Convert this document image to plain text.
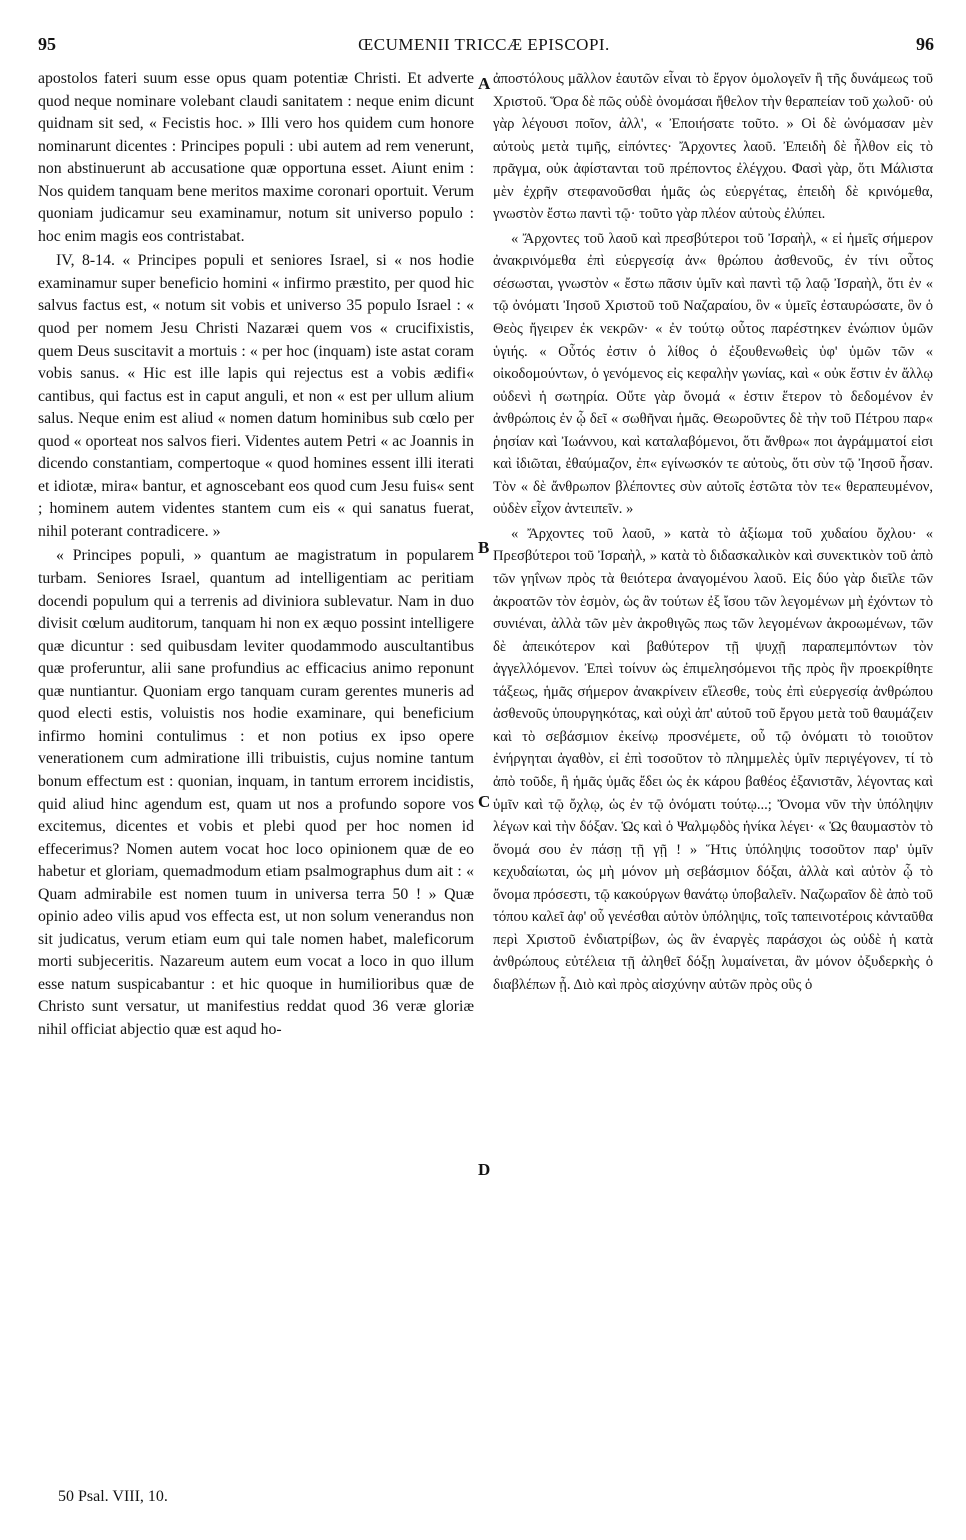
95	ŒCUMENII TRICCÆ EPISCOPI.	96

apostolos fateri suum esse opus quam potentiæ Christi. Et adverte quod neque nominare volebant claudi sanitatem : neque enim dicunt quidnam sit sed, « Fecistis hoc. » Illi vero hos quidem cum honore nominarunt dicentes : Principes populi : ubi autem ad rem venerunt, non abstinuerunt ab accusatione quæ opportuna esset. Aiunt enim : Nos quidem tanquam bene meritos maxime coronari oportuit. Verum quoniam judicamur seu examinamur, notum sit universo populo : hoc enim magis eos contristabat.

IV, 8-14. « Principes populi et seniores Israel, si « nos hodie examinamur super beneficio homini « infirmo præstito, per quod hic salvus factus est, « notum sit vobis et universo 35 populo Israel : « quod per nomem Jesu Christi Nazaræi quem vos « crucifixistis, quem Deus suscitavit a mortuis : « per hoc (inquam) iste astat coram vobis sanus. « Hic est ille lapis qui rejectus est a vobis ædifi« cantibus, qui factus est in caput anguli, et non « est per ullum alium salus. Neque enim est aliud « nomen datum hominibus sub cœlo per quod « oporteat nos salvos fieri. Videntes autem Petri « ac Joannis in dicendo constantiam, compertoque « quod homines essent illi iterati et idiotæ, mira« bantur, et agnoscebant eos quod cum Jesu fuis« sent ; hominem autem videntes stantem cum eis « qui sanatus fuerat, nihil poterant contradicere. »

« Principes populi, » quantum ae magistratum in popularem turbam. Seniores Israel, quantum ad intelligentiam ac peritiam docendi populum qui a terrenis ad diviniora sublevatur. Nam in duo divisit cœlum auditorum, tanquam hi non ex æquo possint intelligere quæ dicuntur : sed quibusdam leviter quodammodo auscultantibus quæ proferuntur, alii sane profundius ac efficacius animo reponunt quæ nuntiantur. Quoniam ergo tanquam curam gerentes muneris ad quod electi estis, voluistis nos hodie examinare, qui beneficium infirmo homini contulimus : et non potius ex ipso opere venerationem cum admiratione illi tribuistis, cujus nomine tantum bonum effectum est : quonian, inquam, in tantum errorem incidistis, quid aliud hinc agendum est, quam ut nos a profundo sopore vos excitemus, dicentes et vobis et plebi quod per hoc nomen id effecerimus? Nomen autem vocat hoc loco opinionem quæ de eo habetur et gloriam, quemadmodum etiam psalmographus dum ait : « Quam admirabile est nomen tuum in universa terra 50 ! » Quæ opinio adeo vilis apud vos effecta est, ut non solum venerandus non sit judicatus, verum etiam eum qui tale nomen habet, maleficorum morti subjeceritis. Nazareum autem eum vocat a loco in quo illum esse natum suspicabantur : et hic quoque in humilioribus quæ de Christo sunt versatur, ut manifestius reddat quod 36 veræ gloriæ nihil officiat abjectio quæ est aqud ho-

A
B
C
D

ἀποστόλους μᾶλλον ἑαυτῶν εἶναι τὸ ἔργον ὁμολογεῖν ἢ τῆς δυνάμεως τοῦ Χριστοῦ. Ὅρα δὲ πῶς οὐδὲ ὀνομάσαι ἤθελον τὴν θεραπείαν τοῦ χωλοῦ· οὐ γὰρ λέγουσι ποῖον, ἀλλ', « Ἐποιήσατε τοῦτο. » Οἱ δὲ ὠνόμασαν μὲν αὐτοὺς μετὰ τιμῆς, εἰπόντες· Ἄρχοντες λαοῦ. Ἐπειδὴ δὲ ἦλθον εἰς τὸ πρᾶγμα, οὐκ ἀφίστανται τοῦ πρέποντος ἐλέγχου. Φασὶ γὰρ, ὅτι Μάλιστα μὲν ἐχρῆν στεφανοῦσθαι ἡμᾶς ὡς εὐεργέτας, ἐπειδὴ δὲ κρινόμεθα, γνωστὸν ἔστω παντὶ τῷ· τοῦτο γὰρ πλέον αὐτοὺς ἐλύπει.

« Ἄρχοντες τοῦ λαοῦ καὶ πρεσβύτεροι τοῦ Ἰσραὴλ, « εἰ ἡμεῖς σήμερον ἀνακρινόμεθα ἐπὶ εὐεργεσίᾳ ἀν« θρώπου ἀσθενοῦς, ἐν τίνι οὗτος σέσωσται, γνωστὸν « ἔστω πᾶσιν ὑμῖν καὶ παντὶ τῷ λαῷ Ἰσραὴλ, ὅτι ἐν « τῷ ὀνόματι Ἰησοῦ Χριστοῦ τοῦ Ναζαραίου, ὃν « ὑμεῖς ἐσταυρώσατε, ὃν ὁ Θεὸς ἤγειρεν ἐκ νεκρῶν· « ἐν τούτῳ οὗτος παρέστηκεν ἐνώπιον ὑμῶν ὑγιής. « Οὗτός ἐστιν ὁ λίθος ὁ ἐξουθενωθεὶς ὑφ' ὑμῶν τῶν « οἰκοδομούντων, ὁ γενόμενος εἰς κεφαλὴν γωνίας, καὶ « οὐκ ἔστιν ἐν ἄλλῳ οὐδενὶ ἡ σωτηρία. Οὔτε γὰρ ὄνομά « ἐστιν ἕτερον τὸ δεδομένον ἐν ἀνθρώποις ἐν ᾧ δεῖ « σωθῆναι ἡμᾶς. Θεωροῦντες δὲ τὴν τοῦ Πέτρου παρ« ῥησίαν καὶ Ἰωάννου, καὶ καταλαβόμενοι, ὅτι ἄνθρω« ποι ἀγράμματοί εἰσι καὶ ἰδιῶται, ἐθαύμαζον, ἐπ« εγίνωσκόν τε αὐτοὺς, ὅτι σὺν τῷ Ἰησοῦ ἦσαν. Τὸν « δὲ ἄνθρωπον βλέποντες σὺν αὐτοῖς ἑστῶτα τὸν τε« θεραπευμένον, οὐδὲν εἶχον ἀντειπεῖν. »

« Ἄρχοντες τοῦ λαοῦ, » κατὰ τὸ ἀξίωμα τοῦ χυδαίου ὄχλου· « Πρεσβύτεροι τοῦ Ἰσραὴλ, » κατὰ τὸ διδασκαλικὸν καὶ συνεκτικὸν τοῦ ἀπὸ τῶν γηΐνων πρὸς τὰ θειότερα ἀναγομένου λαοῦ. Εἰς δύο γὰρ διεῖλε τῶν ἀκροατῶν τὸν ἑσμὸν, ὡς ἂν τούτων ἐξ ἴσου τῶν λεγομένων μὴ ἐχόντων τὸ συνιέναι, ἀλλὰ τῶν μὲν ἀκροθιγῶς πως τῶν λεγομένων ἀκροωμένων, τῶν δὲ ἀπεικότερον καὶ βαθύτερον τῇ ψυχῇ παραπεμπόντων τὸν ἀγγελλόμενον. Ἐπεὶ τοίνυν ὡς ἐπιμελησόμενοι τῆς πρὸς ἣν προεκρίθητε τάξεως, ἡμᾶς σήμερον ἀνακρίνειν εἵλεσθε, τοὺς ἐπὶ εὐεργεσίᾳ ἀνθρώπου ἀσθενοῦς ὑπουργηκότας, καὶ οὐχὶ ἀπ' αὐτοῦ τοῦ ἔργου μετὰ τοῦ θαυμάζειν καὶ τὸ σεβάσμιον ἐκείνῳ προσνέμετε, οὗ τῷ ὀνόματι τὸ τοιοῦτον ἐνήργηται ἀγαθὸν, εἰ ἐπὶ τοσοῦτον τὸ πλημμελὲς ὑμῖν περιγέγονεν, τί τὸ ἀπὸ τοῦδε, ἢ ἡμᾶς ὑμᾶς ἔδει ὡς ἐκ κάρου βαθέος ἐξανιστᾶν, λέγοντας καὶ ὑμῖν καὶ τῷ ὄχλῳ, ὡς ἐν τῷ ὀνόματι τούτῳ...; Ὄνομα νῦν τὴν ὑπόληψιν λέγων καὶ τὴν δόξαν. Ὡς καὶ ὁ Ψαλμῳδὸς ἡνίκα λέγει· « Ὡς θαυμαστὸν τὸ ὄνομά σου ἐν πάσῃ τῇ γῇ ! » Ἥτις ὑπόληψις τοσοῦτον παρ' ὑμῖν κεχυδαίωται, ὡς μὴ μόνον μὴ σεβάσμιον δόξαι, ἀλλὰ καὶ αὐτὸν ᾧ τὸ ὄνομα πρόσεστι, τῷ κακούργων θανάτῳ ὑποβαλεῖν. Ναζωραῖον δὲ ἀπὸ τοῦ τόπου καλεῖ ἀφ' οὗ γενέσθαι αὐτὸν ὑπόληψις, τοῖς ταπεινοτέροις κἀνταῦθα περὶ Χριστοῦ ἐνδιατρίβων, ὡς ἂν ἐναργὲς παράσχοι ὡς οὐδὲ ἡ κατὰ ἀνθρώπους εὐτέλεια τῇ ἀληθεῖ δόξῃ λυμαίνεται, ἂν μόνον ὀξυδερκὴς ὁ διαβλέπων ᾖ. Διὸ καὶ πρὸς αἰσχύνην αὐτῶν πρὸς οὓς ὁ

50 Psal. VIII, 10.
